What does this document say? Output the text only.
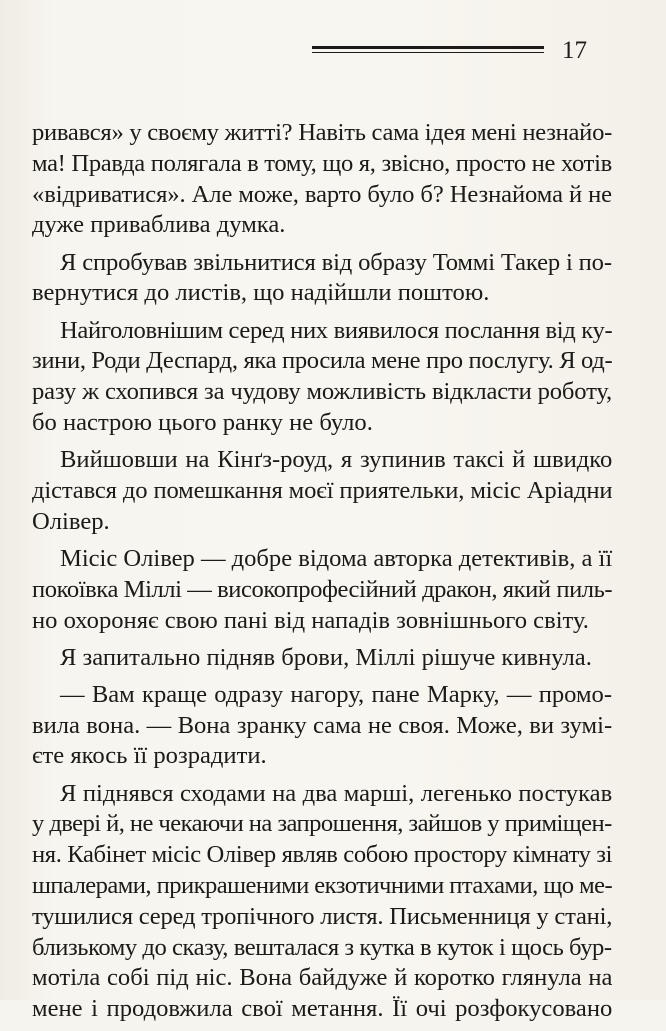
17
ривався» у своєму житті? Навіть сама ідея мені незнайо-
ма! Правда полягала в тому, що я, звісно, просто не хотів
«відриватися». Але може, варто було б? Незнайома й не
дуже приваблива думка.
Я спробував звільнитися від образу Томмі Такер і по-
вернутися до листів, що надійшли поштою.
Найголовнішим серед них виявилося послання від ку-
зини, Роди Деспард, яка просила мене про послугу. Я од-
разу ж схопився за чудову можливість відкласти роботу,
бо настрою цього ранку не було.
Вийшовши на Кінґз-роуд, я зупинив таксі й швидко
дістався до помешкання моєї приятельки, місіс Аріадни
Олівер.
Місіс Олівер — добре відома авторка детективів, а її
покоївка Міллі — високопрофесійний дракон, який пиль-
но охороняє свою пані від нападів зовнішнього світу.
Я запитально підняв брови, Міллі рішуче кивнула.
— Вам краще одразу нагору, пане Марку, — промо-
вила вона. — Вона зранку сама не своя. Може, ви зумі-
єте якось її розрадити.
Я піднявся сходами на два марші, легенько постукав
у двері й, не чекаючи на запрошення, зайшов у приміщен-
ня. Кабінет місіс Олівер являв собою простору кімнату зі
шпалерами, прикрашеними екзотичними птахами, що ме-
тушилися серед тропічного листя. Письменниця у стані,
близькому до сказу, вешталася з кутка в куток і щось бур-
мотіла собі під ніс. Вона байдуже й коротко глянула на
мене і продовжила свої метання. Її очі розфокусовано
